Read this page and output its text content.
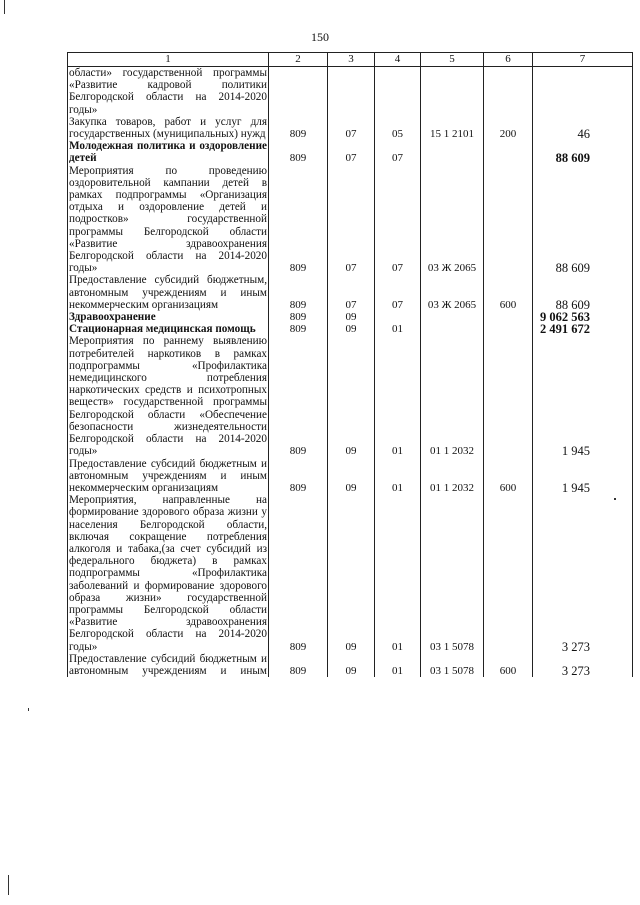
150
1	2	3	4	5	6	7

области» государственной программы «Развитие кадровой политики Белгородской области на 2014-2020 годы»						

Закупка товаров, работ и услуг для государственных (муниципальных) нужд	809	07	05	15 1 2101	200	46

Молодежная политика и оздоровление детей	809	07	07			88 609

Мероприятия по проведению оздоровительной кампании детей в рамках подпрограммы «Организация отдыха и оздоровление детей и подростков» государственной программы Белгородской области «Развитие здравоохранения Белгородской области на 2014-2020 годы»	809	07	07	03 Ж 2065		88 609

Предоставление субсидий бюджетным, автономным учреждениям и иным некоммерческим организациям	809	07	07	03 Ж 2065	600	88 609

Здравоохранение	809	09				9 062 563

Стационарная медицинская помощь	809	09	01			2 491 672

Мероприятия по раннему выявлению потребителей наркотиков в рамках подпрограммы «Профилактика немедицинского потребления наркотических средств и психотропных веществ» государственной программы Белгородской области «Обеспечение безопасности жизнедеятельности Белгородской области на 2014-2020 годы»	809	09	01	01 1 2032		1 945

Предоставление субсидий бюджетным и автономным учреждениям и иным некоммерческим организациям	809	09	01	01 1 2032	600	1 945

Мероприятия, направленные на формирование здорового образа жизни у населения Белгородской области, включая сокращение потребления алкоголя и табака,(за счет субсидий из федерального бюджета) в рамках подпрограммы «Профилактика заболеваний и формирование здорового образа жизни» государственной программы Белгородской области «Развитие здравоохранения Белгородской области на 2014-2020 годы»	809	09	01	03 1 5078		3 273

Предоставление субсидий бюджетным и автономным учреждениям и иным	809	09	01	03 1 5078	600	3 273
